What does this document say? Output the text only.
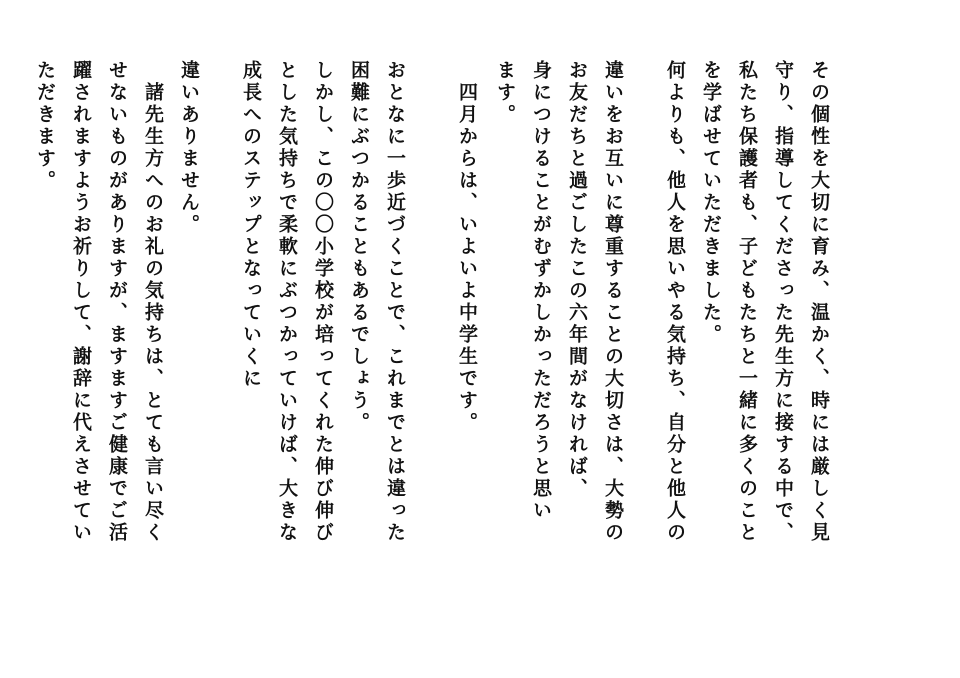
その個性を大切に育み、温かく、時には厳しく見
守り、指導してくださった先生方に接する中で、
私たち保護者も、子どもたちと一緒に多くのこと
を学ばせていただきました。
何よりも、他人を思いやる気持ち、自分と他人の
違いをお互いに尊重することの大切さは、大勢の
お友だちと過ごしたこの六年間がなければ、
身につけることがむずかしかっただろうと思い
ます。
　四月からは、いよいよ中学生です。
おとなに一歩近づくことで、これまでとは違った
困難にぶつかることもあるでしょう。
しかし、この〇〇小学校が培ってくれた伸び伸び
とした気持ちで柔軟にぶつかっていけば、大きな
成長へのステップとなっていくに
違いありません。
　諸先生方へのお礼の気持ちは、とても言い尽く
せないものがありますが、ますますご健康でご活
躍されますようお祈りして、謝辞に代えさせてい
ただきます。
